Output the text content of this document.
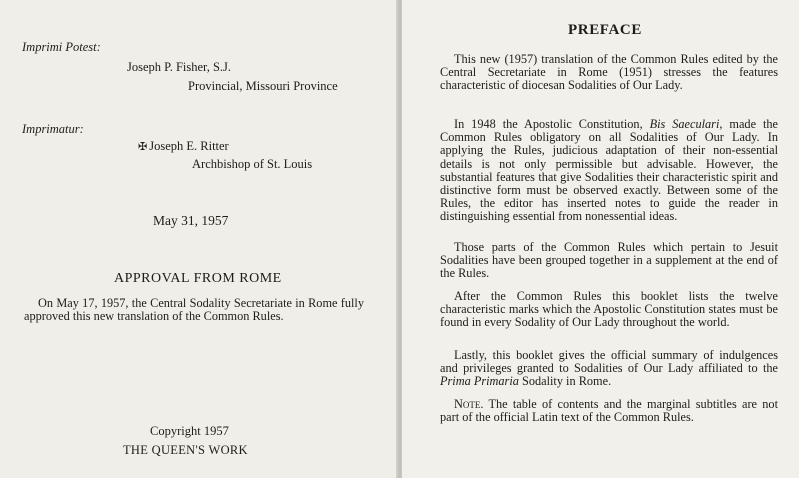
Imprimi Potest:
Joseph P. Fisher, S.J.
Provincial, Missouri Province
Imprimatur:
✠ Joseph E. Ritter
Archbishop of St. Louis
May 31, 1957
APPROVAL FROM ROME

On May 17, 1957, the Central Sodality Secretariate in Rome fully approved this new translation of the Common Rules.

Copyright 1957
THE QUEEN'S WORK
PREFACE

This new (1957) translation of the Common Rules edited by the Central Secretariate in Rome (1951) stresses the features characteristic of diocesan Sodalities of Our Lady.

In 1948 the Apostolic Constitution, Bis Saeculari, made the Common Rules obligatory on all Sodalities of Our Lady. In applying the Rules, judicious adaptation of their non-essential details is not only permissible but advisable. However, the substantial features that give Sodalities their characteristic spirit and distinctive form must be observed exactly. Between some of the Rules, the editor has inserted notes to guide the reader in distinguishing essential from nonessential ideas.

Those parts of the Common Rules which pertain to Jesuit Sodalities have been grouped together in a supplement at the end of the Rules.

After the Common Rules this booklet lists the twelve characteristic marks which the Apostolic Constitution states must be found in every Sodality of Our Lady throughout the world.

Lastly, this booklet gives the official summary of indulgences and privileges granted to Sodalities of Our Lady affiliated to the Prima Primaria Sodality in Rome.

Note. The table of contents and the marginal subtitles are not part of the official Latin text of the Common Rules.
